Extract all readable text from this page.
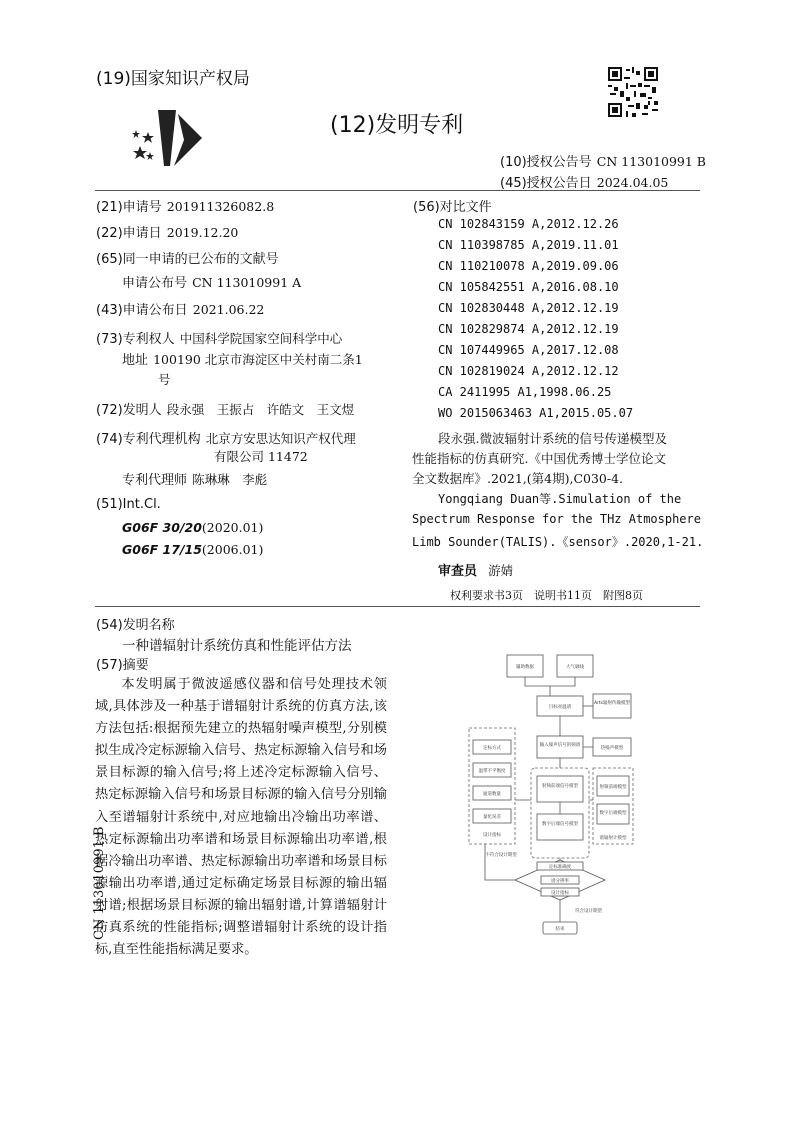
(19)国家知识产权局
(12)发明专利
(10)授权公告号 CN 113010991 B
(45)授权公告日 2024.04.05
(21)申请号 201911326082.8
(22)申请日 2019.12.20
(65)同一申请的已公布的文献号
申请公布号 CN 113010991 A
(43)申请公布日 2021.06.22
(73)专利权人 中国科学院国家空间科学中心
地址 100190 北京市海淀区中关村南二条1
号
(72)发明人 段永强　王振占　许皓文　王文煜
(74)专利代理机构 北京方安思达知识产权代理
有限公司 11472
专利代理师 陈琳琳　李彪
(51)Int.Cl.
G06F 30/20(2020.01)
G06F 17/15(2006.01)
(56)对比文件
CN 102843159 A,2012.12.26
CN 110398785 A,2019.11.01
CN 110210078 A,2019.09.06
CN 105842551 A,2016.08.10
CN 102830448 A,2012.12.19
CN 102829874 A,2012.12.19
CN 107449965 A,2017.12.08
CN 102819024 A,2012.12.12
CA 2411995 A1,1998.06.25
WO 2015063463 A1,2015.05.07
段永强.微波辐射计系统的信号传递模型及
性能指标的仿真研究.《中国优秀博士学位论文
全文数据库》.2021,(第4期),C030-4.
Yongqiang Duan等.Simulation of the
Spectrum Response for the THz Atmosphere
Limb Sounder(TALIS).《sensor》.2020,1-21.
审查员 游婧
权利要求书3页　说明书11页　附图8页
(54)发明名称
一种谱辐射计系统仿真和性能评估方法
(57)摘要

本发明属于微波遥感仪器和信号处理技术领域,具体涉及一种基于谱辐射计系统的仿真方法,该方法包括:根据预先建立的热辐射噪声模型,分别模拟生成冷定标源输入信号、热定标源输入信号和场景目标源的输入信号;将上述冷定标源输入信号、热定标源输入信号和场景目标源的输入信号分别输入至谱辐射计系统中,对应地输出冷输出功率谱、热定标源输出功率谱和场景目标源输出功率谱,根据冷输出功率谱、热定标源输出功率谱和场景目标源输出功率谱,通过定标确定场景目标源的输出辐射谱;根据场景目标源的输出辐射谱,计算谱辐射计仿真系统的性能指标;调整谱辐射计系统的设计指标,直至性能指标满足要求。

CN 113010991 B
辅助数据	大气廓线
目标亮温谱
Arts辐射传输模型
输入噪声信号的频谱
热噪声模型
定标方式
温带不平衡度
通道数量
量化误差
设计指标
射频前端信号模型
数字后端信号模型
射频前端模型
数字后端模型
谱辐射计模型
定标准确度
谱分辨率
设计指标
不符合设计期望
符合设计期望
结束
